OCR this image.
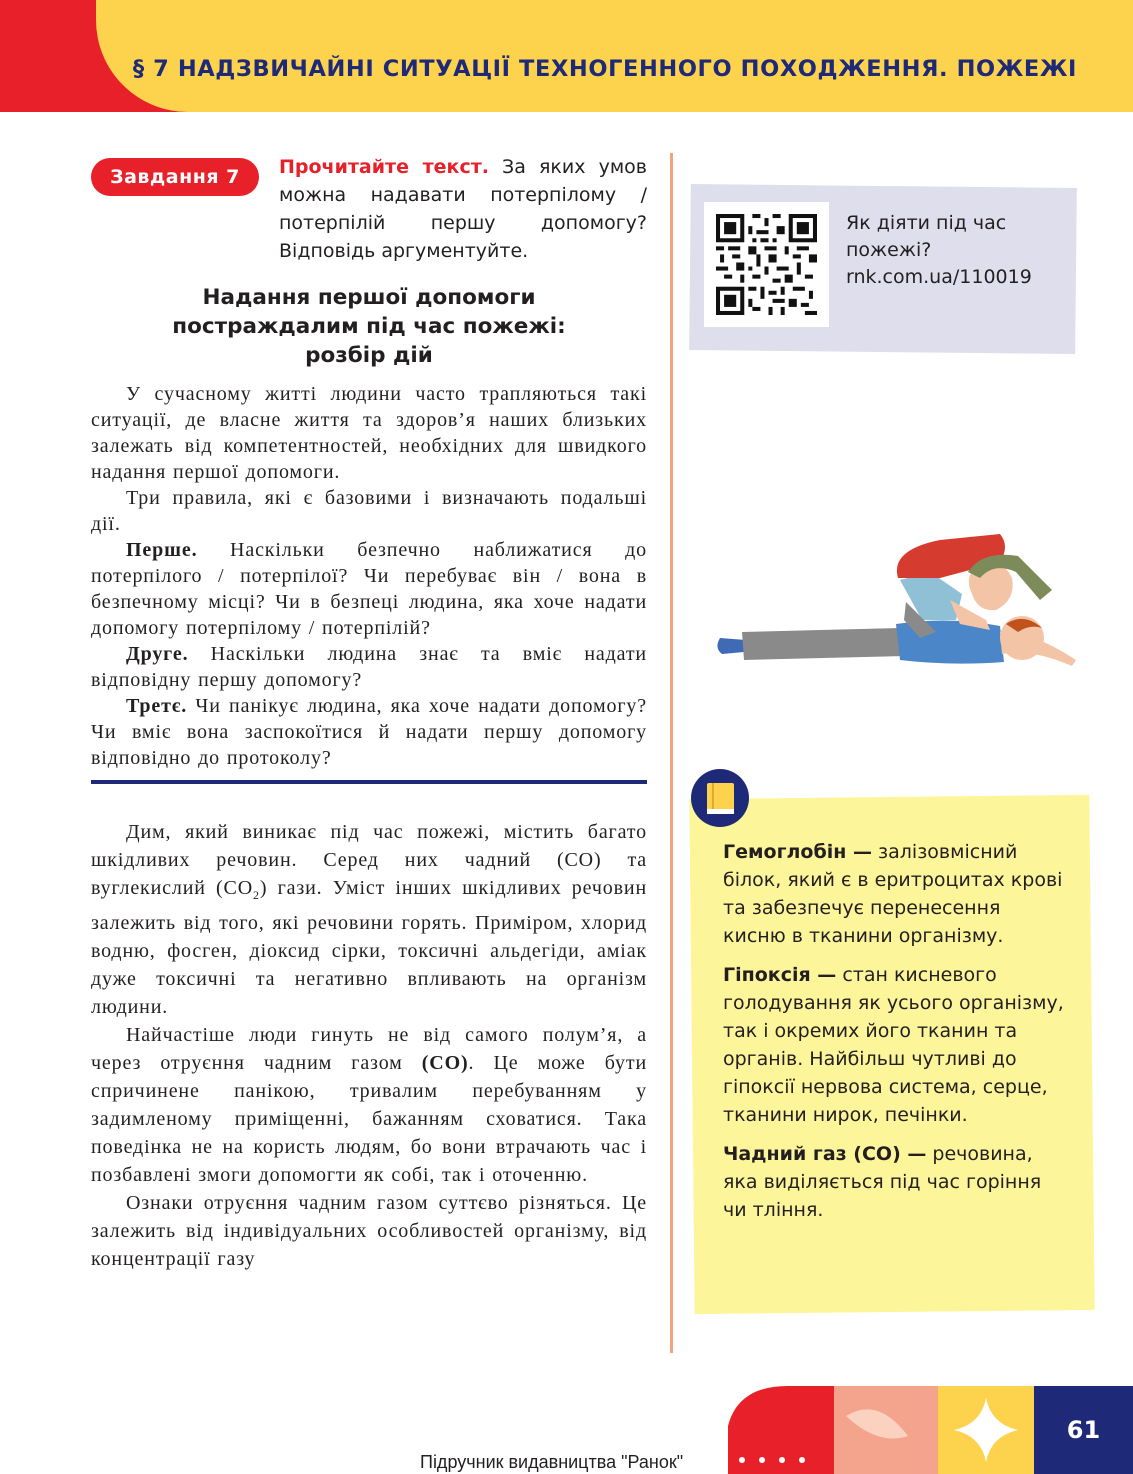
§ 7 НАДЗВИЧАЙНІ СИТУАЦІЇ ТЕХНОГЕННОГО ПОХОДЖЕННЯ. ПОЖЕЖІ
Завдання 7	Прочитайте текст. За яких умов можна надавати потерпілому / потерпілій першу допомогу? Відповідь аргументуйте.
Надання першої допомоги
постраждалим під час пожежі:
розбір дій

У сучасному житті людини часто трапляються такі ситуації, де власне життя та здоров’я наших близьких залежать від компетентностей, необхідних для швидкого надання першої допомоги.

Три правила, які є базовими і визначають подальші дії.

Перше. Наскільки безпечно наближатися до потерпілого / потерпілої? Чи перебуває він / вона в безпечному місці? Чи в безпеці людина, яка хоче надати допомогу потерпілому / потерпілій?

Друге. Наскільки людина знає та вміє надати відповідну першу допомогу?

Третє. Чи панікує людина, яка хоче надати допомогу? Чи вміє вона заспокоїтися й надати першу допомогу відповідно до протоколу?

Дим, який виникає під час пожежі, містить багато шкідливих речовин. Серед них чадний (CO) та вуглекислий $(CO_2)$ гази. Уміст інших шкідливих речовин залежить від того, які речовини горять. Приміром, хлорид водню, фосген, діоксид сірки, токсичні альдегіди, аміак дуже токсичні та негативно впливають на організм людини.

Найчастіше люди гинуть не від самого полум’я, а через отруєння чадним газом (CO). Це може бути спричинене панікою, тривалим перебуванням у задимленому приміщенні, бажанням сховатися. Така поведінка не на користь людям, бо вони втрачають час і позбавлені змоги допомогти як собі, так і оточенню.

Ознаки отруєння чадним газом суттєво різняться. Це залежить від індивідуальних особливостей організму, від концентрації газу

Як діяти під час
пожежі?
rnk.com.ua/110019

Гемоглобін — залізовмісний білок, який є в еритроцитах крові та забезпечує перенесення кисню в тканини організму.

Гіпоксія — стан кисневого голодування як усього організму, так і окремих його тканин та органів. Найбільш чутливі до гіпоксії нервова система, серце, тканини нирок, печінки.

Чадний газ (CO) — речовина, яка виділяється під час горіння чи тління.

61
Підручник видавництва "Ранок"
